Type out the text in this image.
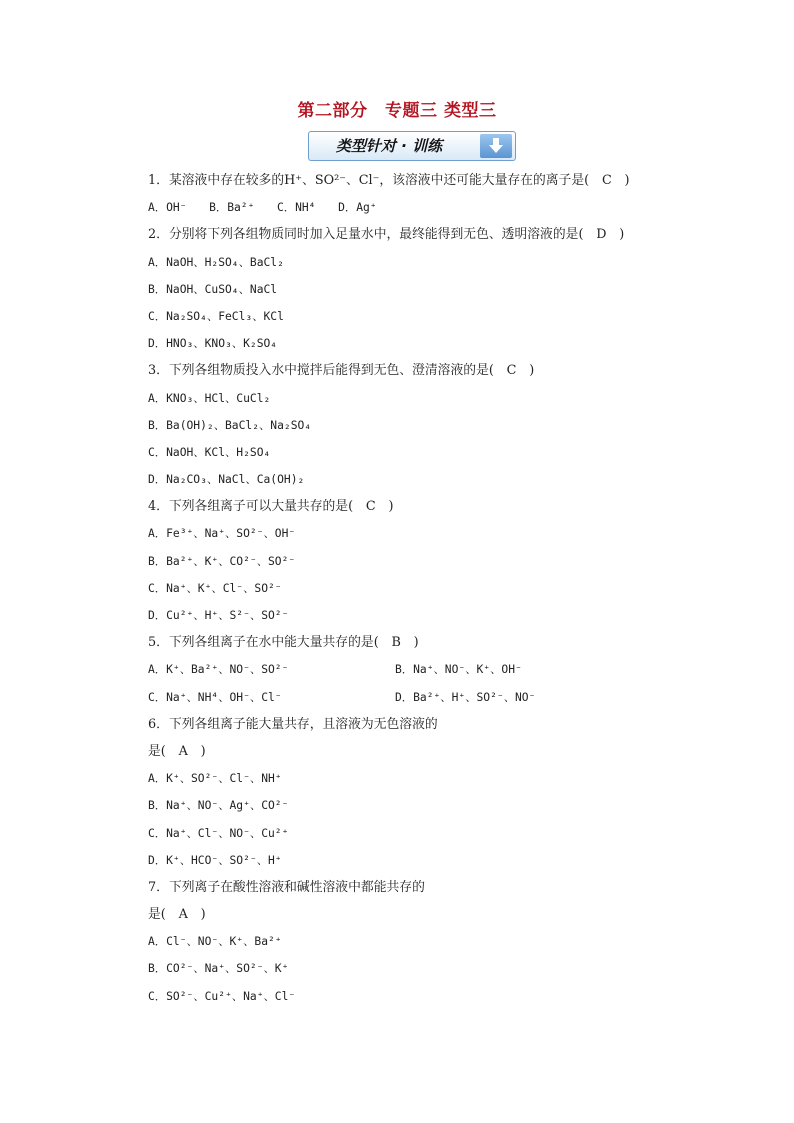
第二部分　专题三 类型三
类型针对 · 训练
1．某溶液中存在较多的H⁺、SO²⁻、Cl⁻，该溶液中还可能大量存在的离子是(　C　)
A．OH⁻　　B．Ba²⁺　　C．NH⁴　　D．Ag⁺
2．分别将下列各组物质同时加入足量水中，最终能得到无色、透明溶液的是(　D　)
A．NaOH、H₂SO₄、BaCl₂
B．NaOH、CuSO₄、NaCl
C．Na₂SO₄、FeCl₃、KCl
D．HNO₃、KNO₃、K₂SO₄
3．下列各组物质投入水中搅拌后能得到无色、澄清溶液的是(　C　)
A．KNO₃、HCl、CuCl₂
B．Ba(OH)₂、BaCl₂、Na₂SO₄
C．NaOH、KCl、H₂SO₄
D．Na₂CO₃、NaCl、Ca(OH)₂
4．下列各组离子可以大量共存的是(　C　)
A．Fe³⁺、Na⁺、SO²⁻、OH⁻
B．Ba²⁺、K⁺、CO²⁻、SO²⁻
C．Na⁺、K⁺、Cl⁻、SO²⁻
D．Cu²⁺、H⁺、S²⁻、SO²⁻
5．下列各组离子在水中能大量共存的是(　B　)
A．K⁺、Ba²⁺、NO⁻、SO²⁻	B．Na⁺、NO⁻、K⁺、OH⁻
C．Na⁺、NH⁴、OH⁻、Cl⁻	D．Ba²⁺、H⁺、SO²⁻、NO⁻
6．下列各组离子能大量共存，且溶液为无色溶液的
是(　A　)
A．K⁺、SO²⁻、Cl⁻、NH⁺
B．Na⁺、NO⁻、Ag⁺、CO²⁻
C．Na⁺、Cl⁻、NO⁻、Cu²⁺
D．K⁺、HCO⁻、SO²⁻、H⁺
7．下列离子在酸性溶液和碱性溶液中都能共存的
是(　A　)
A．Cl⁻、NO⁻、K⁺、Ba²⁺
B．CO²⁻、Na⁺、SO²⁻、K⁺
C．SO²⁻、Cu²⁺、Na⁺、Cl⁻
